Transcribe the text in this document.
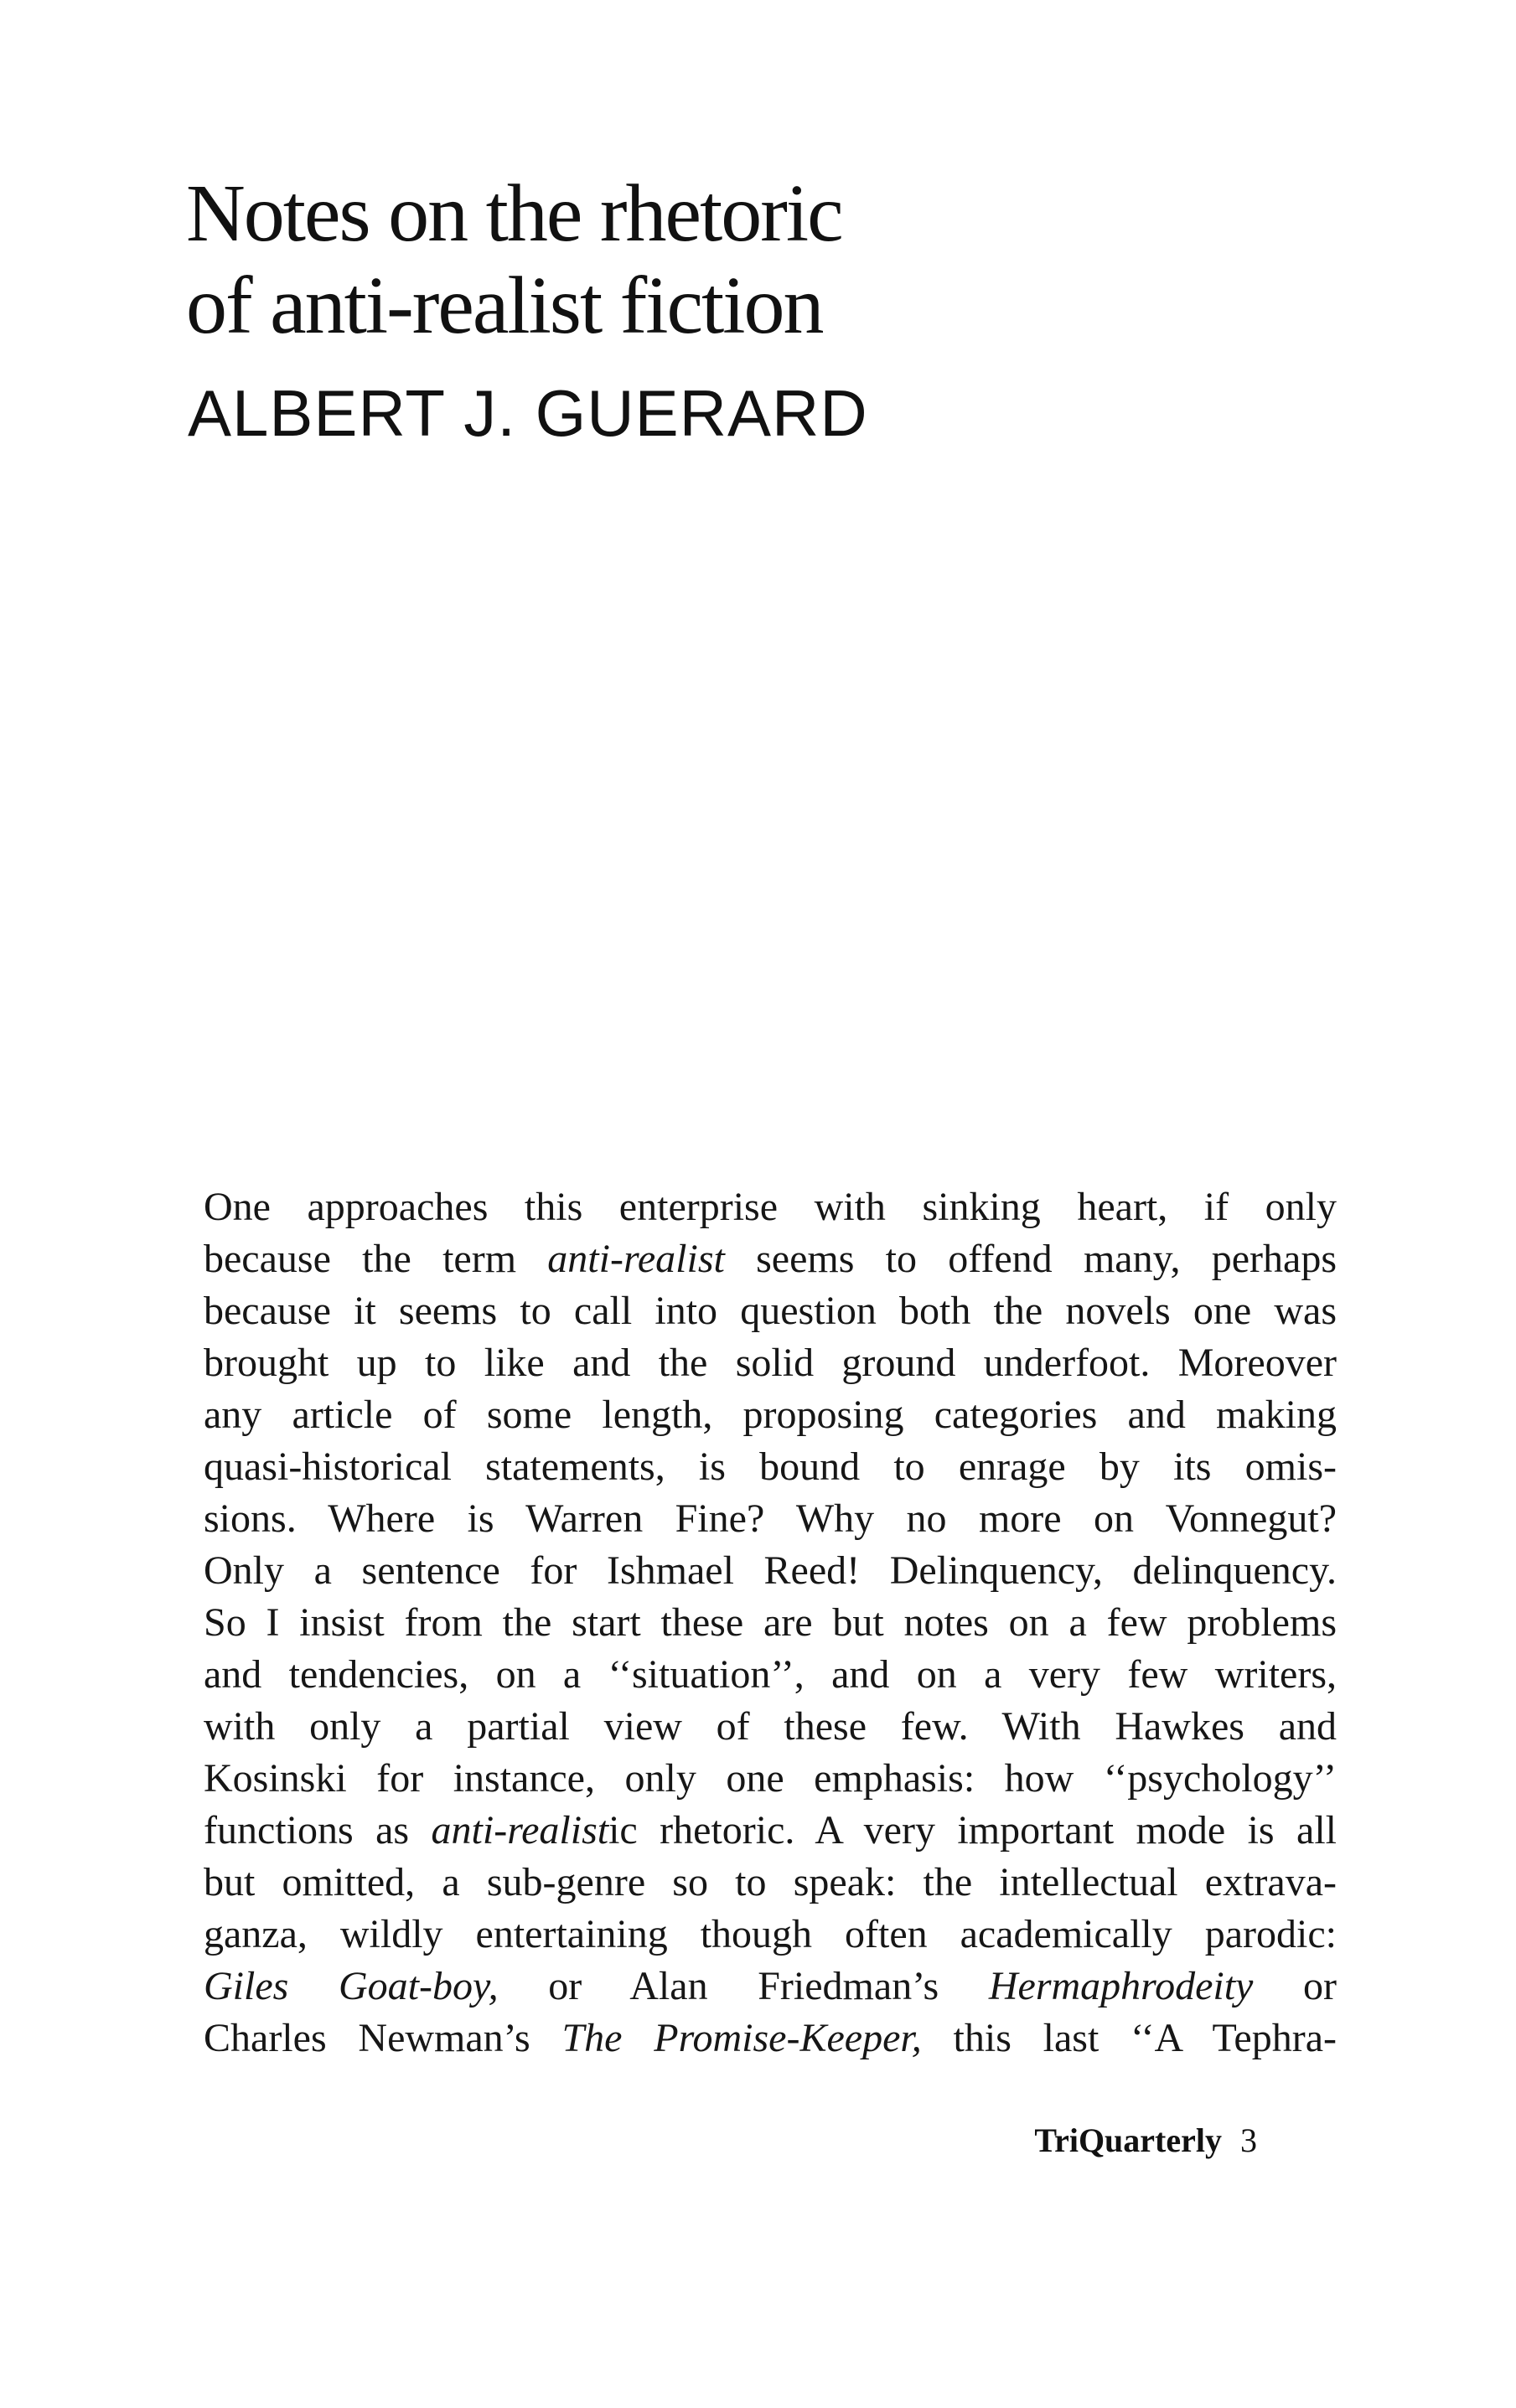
Notes on the rhetoric
of anti-realist fiction
ALBERT J. GUERARD
One approaches this enterprise with sinking heart, if only
because the term anti-realist seems to offend many, perhaps
because it seems to call into question both the novels one was
brought up to like and the solid ground underfoot. Moreover
any article of some length, proposing categories and making
quasi-historical statements, is bound to enrage by its omis-
sions. Where is Warren Fine? Why no more on Vonnegut?
Only a sentence for Ishmael Reed! Delinquency, delinquency.
So I insist from the start these are but notes on a few problems
and tendencies, on a ‘‘situation’’, and on a very few writers,
with only a partial view of these few. With Hawkes and
Kosinski for instance, only one emphasis: how ‘‘psychology’’
functions as anti-realistic rhetoric. A very important mode is all
but omitted, a sub-genre so to speak: the intellectual extrava-
ganza, wildly entertaining though often academically parodic:
Giles Goat-boy, or Alan Friedman’s Hermaphrodeity or
Charles Newman’s The Promise-Keeper, this last ‘‘A Tephra-
TriQuarterly 3
